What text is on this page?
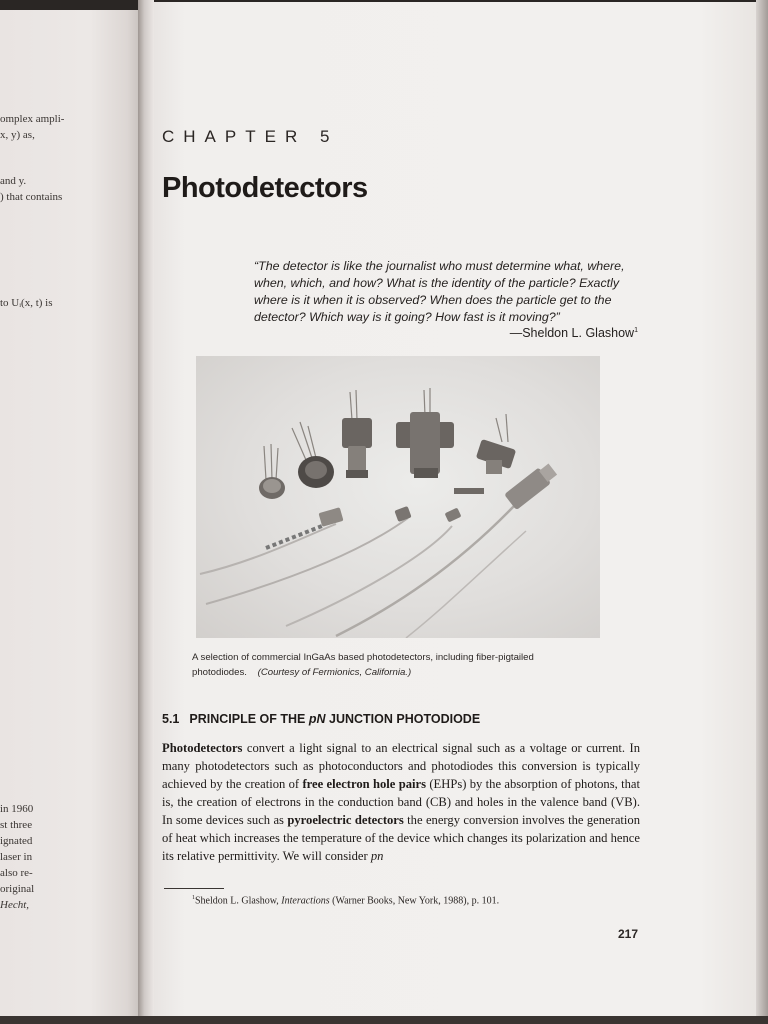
omplex ampli-
x, y) as,
and y.
) that contains
to Uᵢ(x, t) is
in 1960
st three
ignated
laser in
also re-
original
Hecht,
CHAPTER 5
Photodetectors
“The detector is like the journalist who must determine what, where, when, which, and how? What is the identity of the particle? Exactly where is it when it is observed? When does the particle get to the detector? Which way is it going? How fast is it moving?”
—Sheldon L. Glashow$^1$
A selection of commercial InGaAs based photodetectors, including fiber-pigtailed photodiodes. (Courtesy of Fermionics, California.)
5.1 PRINCIPLE OF THE pN JUNCTION PHOTODIODE
Photodetectors convert a light signal to an electrical signal such as a voltage or current. In many photodetectors such as photoconductors and photodiodes this conversion is typically achieved by the creation of free electron hole pairs (EHPs) by the absorption of photons, that is, the creation of electrons in the conduction band (CB) and holes in the valence band (VB). In some devices such as pyroelectric detectors the energy conversion involves the generation of heat which increases the temperature of the device which changes its polarization and hence its relative permittivity. We will consider pn
$^1$Sheldon L. Glashow, Interactions (Warner Books, New York, 1988), p. 101.
217
